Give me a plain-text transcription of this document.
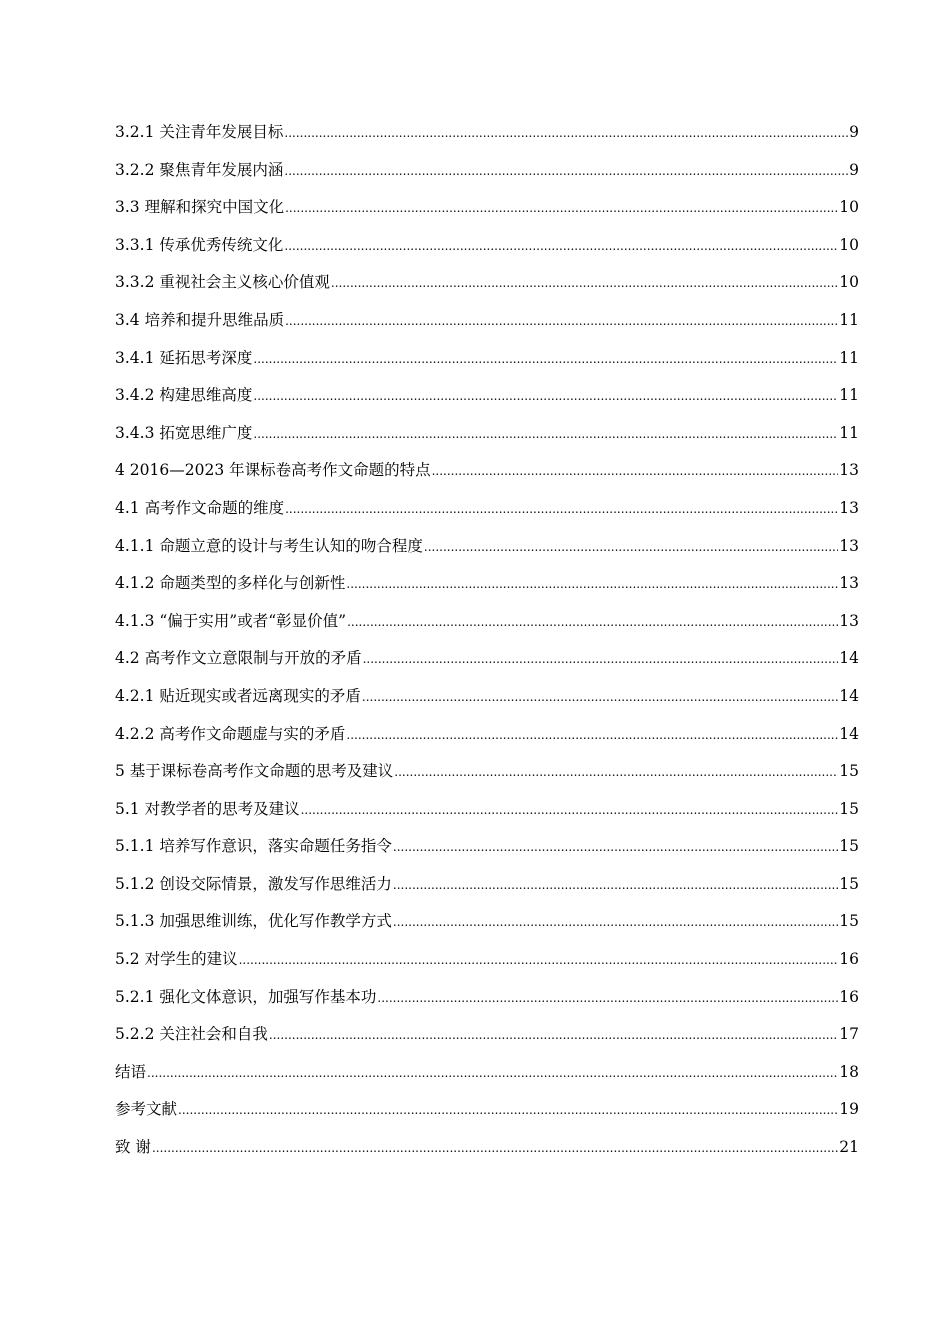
3.2.1 关注青年发展目标 .....	9
3.2.2 聚焦青年发展内涵 .....	9
3.3 理解和探究中国文化 .....	10
3.3.1 传承优秀传统文化 .....	10
3.3.2 重视社会主义核心价值观 .....	10
3.4 培养和提升思维品质 .....	11
3.4.1 延拓思考深度 .....	11
3.4.2 构建思维高度 .....	11
3.4.3 拓宽思维广度 .....	11
4 2016—2023 年课标卷高考作文命题的特点 .....	13
4.1 高考作文命题的维度 .....	13
4.1.1 命题立意的设计与考生认知的吻合程度 .....	13
4.1.2 命题类型的多样化与创新性 .....	13
4.1.3 “偏于实用”或者“彰显价值” .....	13
4.2 高考作文立意限制与开放的矛盾 .....	14
4.2.1 贴近现实或者远离现实的矛盾 .....	14
4.2.2 高考作文命题虚与实的矛盾 .....	14
5 基于课标卷高考作文命题的思考及建议 .....	15
5.1 对教学者的思考及建议 .....	15
5.1.1 培养写作意识，落实命题任务指令 .....	15
5.1.2 创设交际情景，激发写作思维活力 .....	15
5.1.3 加强思维训练，优化写作教学方式 .....	15
5.2 对学生的建议 .....	16
5.2.1 强化文体意识，加强写作基本功 .....	16
5.2.2 关注社会和自我 .....	17
结语 .....	18
参考文献 .....	19
致 谢 .....	21
